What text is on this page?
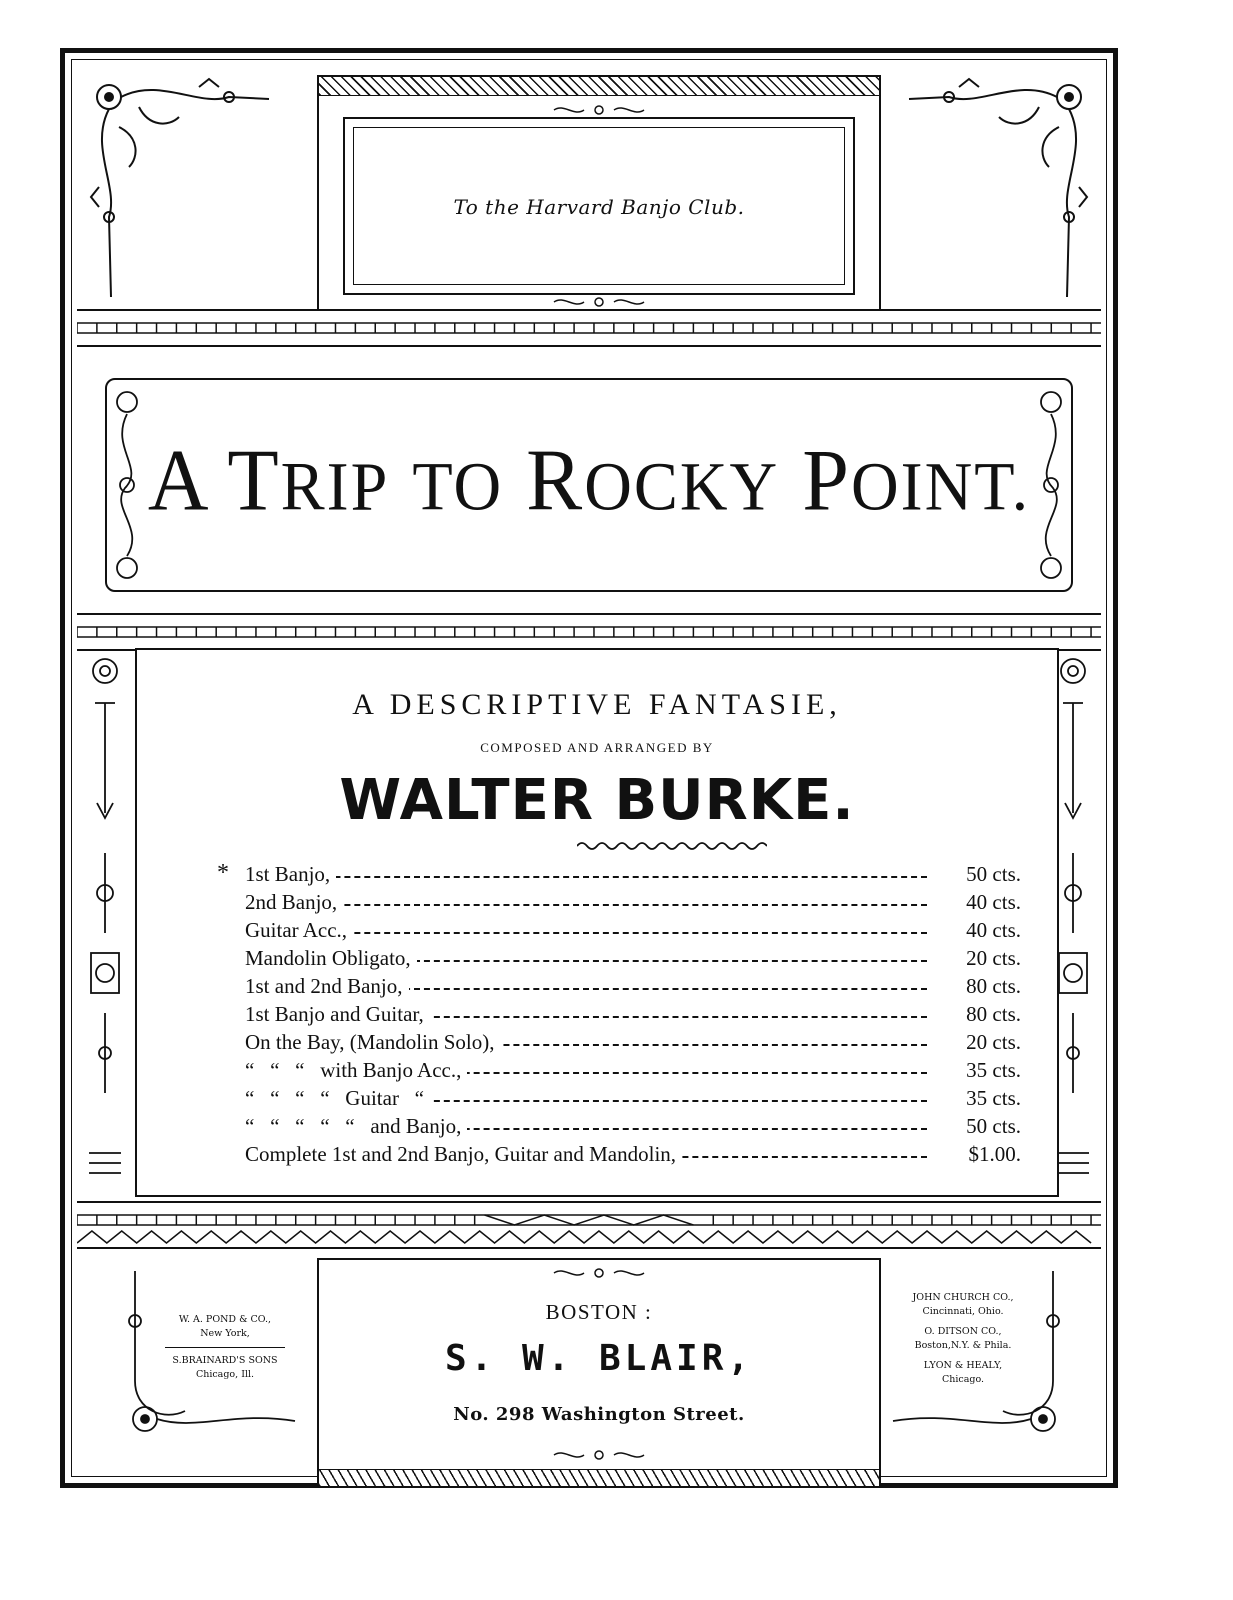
To the Harvard Banjo Club.
A TRIP TO ROCKY POINT.
A DESCRIPTIVE FANTASIE,
COMPOSED AND ARRANGED BY
WALTER BURKE.
* 1st Banjo,	50 cts.
2nd Banjo,	40 cts.
Guitar Acc.,	40 cts.
Mandolin Obligato,	20 cts.
1st and 2nd Banjo,	80 cts.
1st Banjo and Guitar,	80 cts.
On the Bay, (Mandolin Solo),	20 cts.
“   “   “   with Banjo Acc.,	35 cts.
“   “   “   “   Guitar   “	35 cts.
“   “   “   “   “   and Banjo,	50 cts.
Complete 1st and 2nd Banjo, Guitar and Mandolin,	$1.00.
W. A. POND & CO.,
New York,
S.BRAINARD'S SONS
Chicago, Ill.
BOSTON :
S. W. BLAIR,
No. 298 Washington Street.
JOHN CHURCH CO.,
Cincinnati, Ohio.
O. DITSON CO.,
Boston,N.Y. & Phila.
LYON & HEALY,
Chicago.
